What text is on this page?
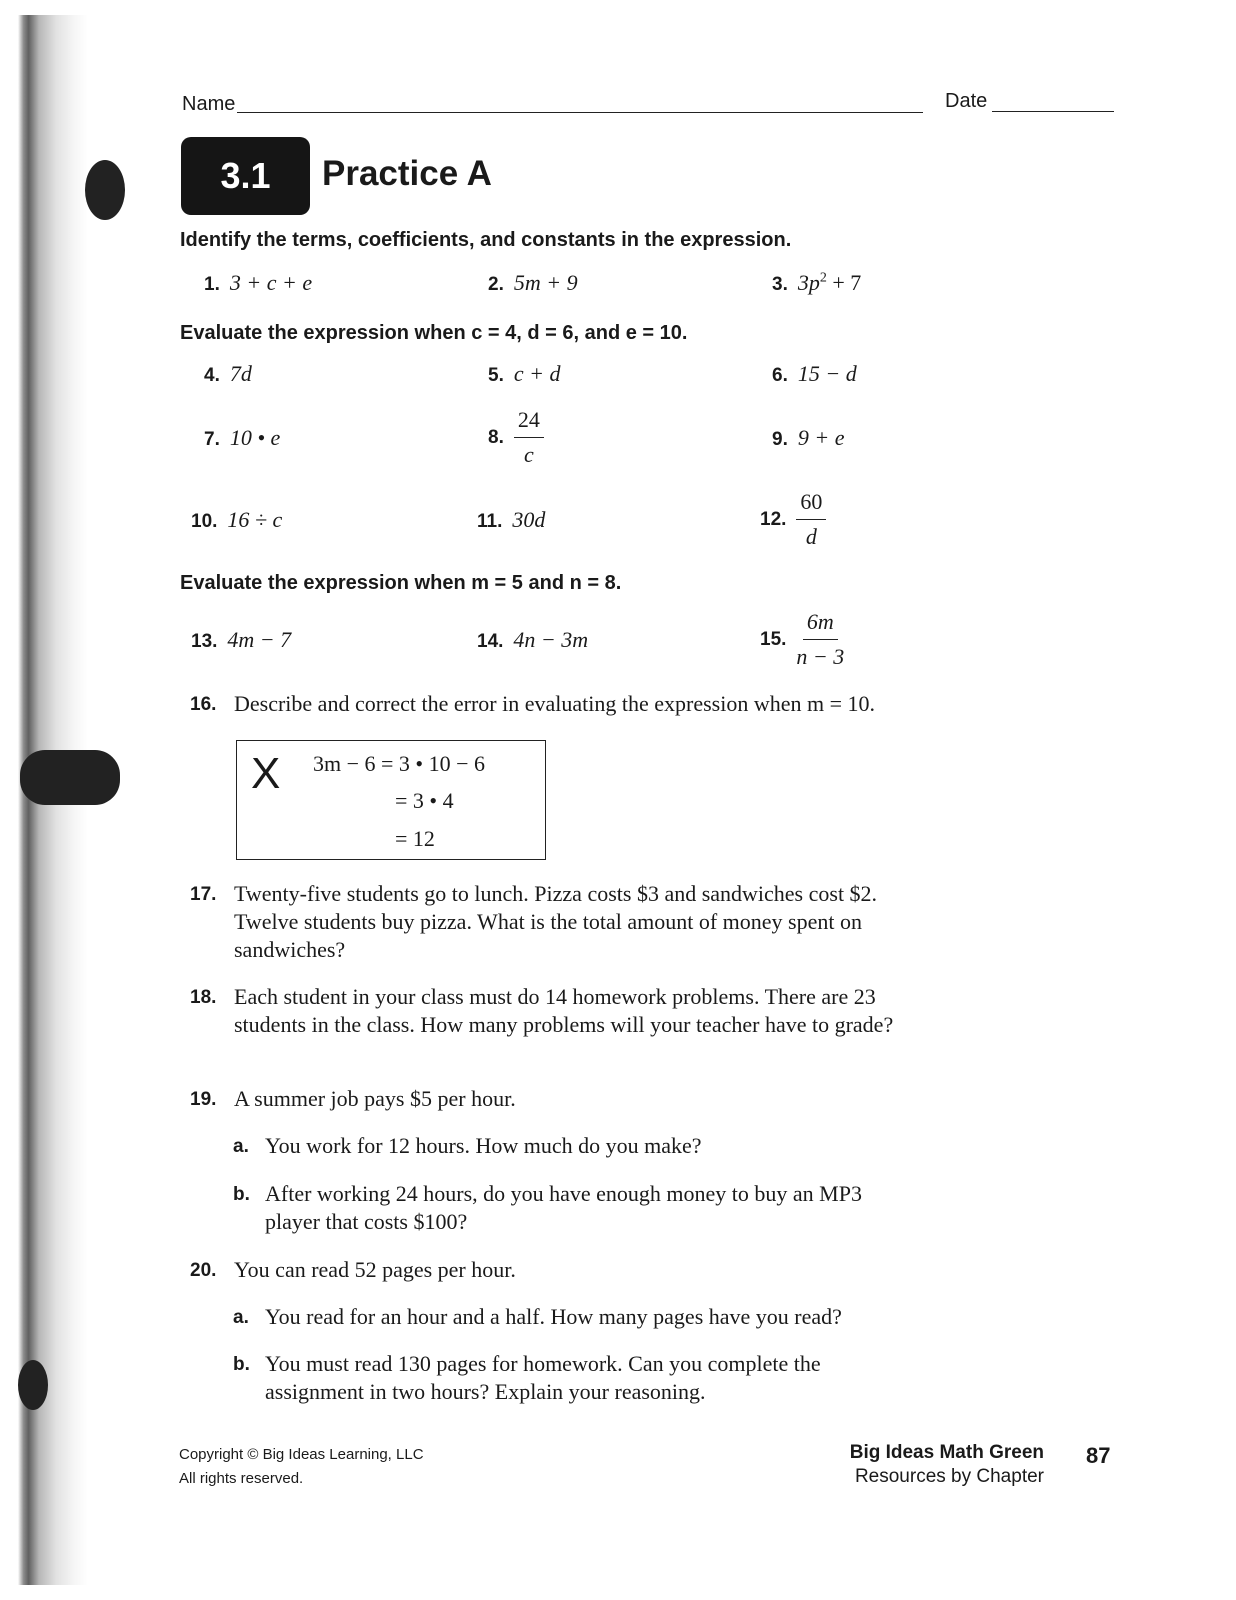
Name	Date
3.1	Practice A
Identify the terms, coefficients, and constants in the expression.
1. 3 + c + e	2. 5m + 9	3. $3p^2 + 7$
Evaluate the expression when c = 4, d = 6, and e = 10.
4. 7d	5. c + d	6. 15 − d
7. 10 • e	8. $\frac{24}{c}$	9. 9 + e
10. 16 ÷ c	11. 30d	12. $\frac{60}{d}$
Evaluate the expression when m = 5 and n = 8.
13. 4m − 7	14. 4n − 3m	15. $\frac{6m}{n - 3}$
16. Describe and correct the error in evaluating the expression when m = 10.
X 3m − 6 = 3 • 10 − 6
= 3 • 4
= 12
17. Twenty-five students go to lunch. Pizza costs $3 and sandwiches cost $2. Twelve students buy pizza. What is the total amount of money spent on sandwiches?
18. Each student in your class must do 14 homework problems. There are 23 students in the class. How many problems will your teacher have to grade?
19. A summer job pays $5 per hour.
a. You work for 12 hours. How much do you make?
b. After working 24 hours, do you have enough money to buy an MP3 player that costs $100?
20. You can read 52 pages per hour.
a. You read for an hour and a half. How many pages have you read?
b. You must read 130 pages for homework. Can you complete the assignment in two hours? Explain your reasoning.
Copyright © Big Ideas Learning, LLC
All rights reserved.
Big Ideas Math Green
Resources by Chapter
87
